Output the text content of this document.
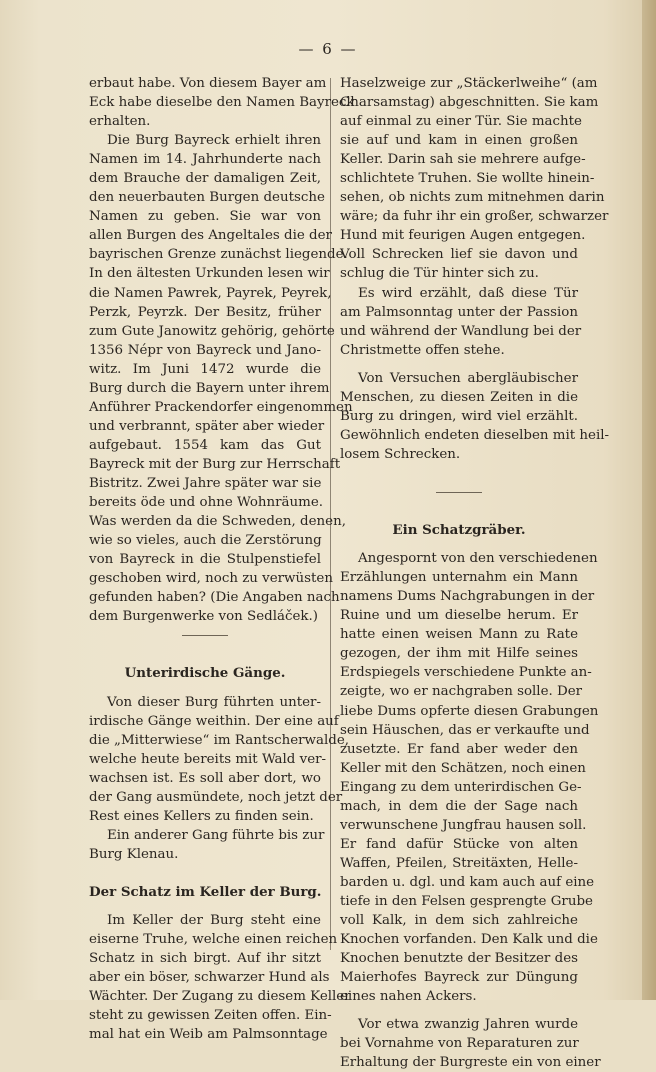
— 6 —
erbaut habe. Von diesem Bayer am
Eck habe dieselbe den Namen Bayreck
erhalten.
Die Burg Bayreck erhielt ihren
Namen im 14. Jahrhunderte nach
dem Brauche der damaligen Zeit,
den neuerbauten Burgen deutsche
Namen zu geben. Sie war von
allen Burgen des Angeltales die der
bayrischen Grenze zunächst liegende.
In den ältesten Urkunden lesen wir
die Namen Pawrek, Payrek, Peyrek,
Perzk, Peyrzk. Der Besitz, früher
zum Gute Janowitz gehörig, gehörte
1356 Népr von Bayreck und Jano-
witz. Im Juni 1472 wurde die
Burg durch die Bayern unter ihrem
Anführer Prackendorfer eingenommen
und verbrannt, später aber wieder
aufgebaut. 1554 kam das Gut
Bayreck mit der Burg zur Herrschaft
Bistritz. Zwei Jahre später war sie
bereits öde und ohne Wohnräume.
Was werden da die Schweden, denen,
wie so vieles, auch die Zerstörung
von Bayreck in die Stulpenstiefel
geschoben wird, noch zu verwüsten
gefunden haben? (Die Angaben nach
dem Burgenwerke von Sedláček.)
Unterirdische Gänge.
Von dieser Burg führten unter-
irdische Gänge weithin. Der eine auf
die „Mitterwiese“ im Rantscherwalde,
welche heute bereits mit Wald ver-
wachsen ist. Es soll aber dort, wo
der Gang ausmündete, noch jetzt der
Rest eines Kellers zu finden sein.
Ein anderer Gang führte bis zur
Burg Klenau.
Der Schatz im Keller der Burg.
Im Keller der Burg steht eine
eiserne Truhe, welche einen reichen
Schatz in sich birgt. Auf ihr sitzt
aber ein böser, schwarzer Hund als
Wächter. Der Zugang zu diesem Keller
steht zu gewissen Zeiten offen. Ein-
mal hat ein Weib am Palmsonntage
Haselzweige zur „Stäckerlweihe“ (am
Charsamstag) abgeschnitten. Sie kam
auf einmal zu einer Tür. Sie machte
sie auf und kam in einen großen
Keller. Darin sah sie mehrere aufge-
schlichtete Truhen. Sie wollte hinein-
sehen, ob nichts zum mitnehmen darin
wäre; da fuhr ihr ein großer, schwarzer
Hund mit feurigen Augen entgegen.
Voll Schrecken lief sie davon und
schlug die Tür hinter sich zu.
Es wird erzählt, daß diese Tür
am Palmsonntag unter der Passion
und während der Wandlung bei der
Christmette offen stehe.
Von Versuchen abergläubischer
Menschen, zu diesen Zeiten in die
Burg zu dringen, wird viel erzählt.
Gewöhnlich endeten dieselben mit heil-
losem Schrecken.
Ein Schatzgräber.
Angespornt von den verschiedenen
Erzählungen unternahm ein Mann
namens Dums Nachgrabungen in der
Ruine und um dieselbe herum. Er
hatte einen weisen Mann zu Rate
gezogen, der ihm mit Hilfe seines
Erdspiegels verschiedene Punkte an-
zeigte, wo er nachgraben solle. Der
liebe Dums opferte diesen Grabungen
sein Häuschen, das er verkaufte und
zusetzte. Er fand aber weder den
Keller mit den Schätzen, noch einen
Eingang zu dem unterirdischen Ge-
mach, in dem die der Sage nach
verwunschene Jungfrau hausen soll.
Er fand dafür Stücke von alten
Waffen, Pfeilen, Streitäxten, Helle-
barden u. dgl. und kam auch auf eine
tiefe in den Felsen gesprengte Grube
voll Kalk, in dem sich zahlreiche
Knochen vorfanden. Den Kalk und die
Knochen benutzte der Besitzer des
Maierhofes Bayreck zur Düngung
eines nahen Ackers.
Vor etwa zwanzig Jahren wurde
bei Vornahme von Reparaturen zur
Erhaltung der Burgreste ein von einer
